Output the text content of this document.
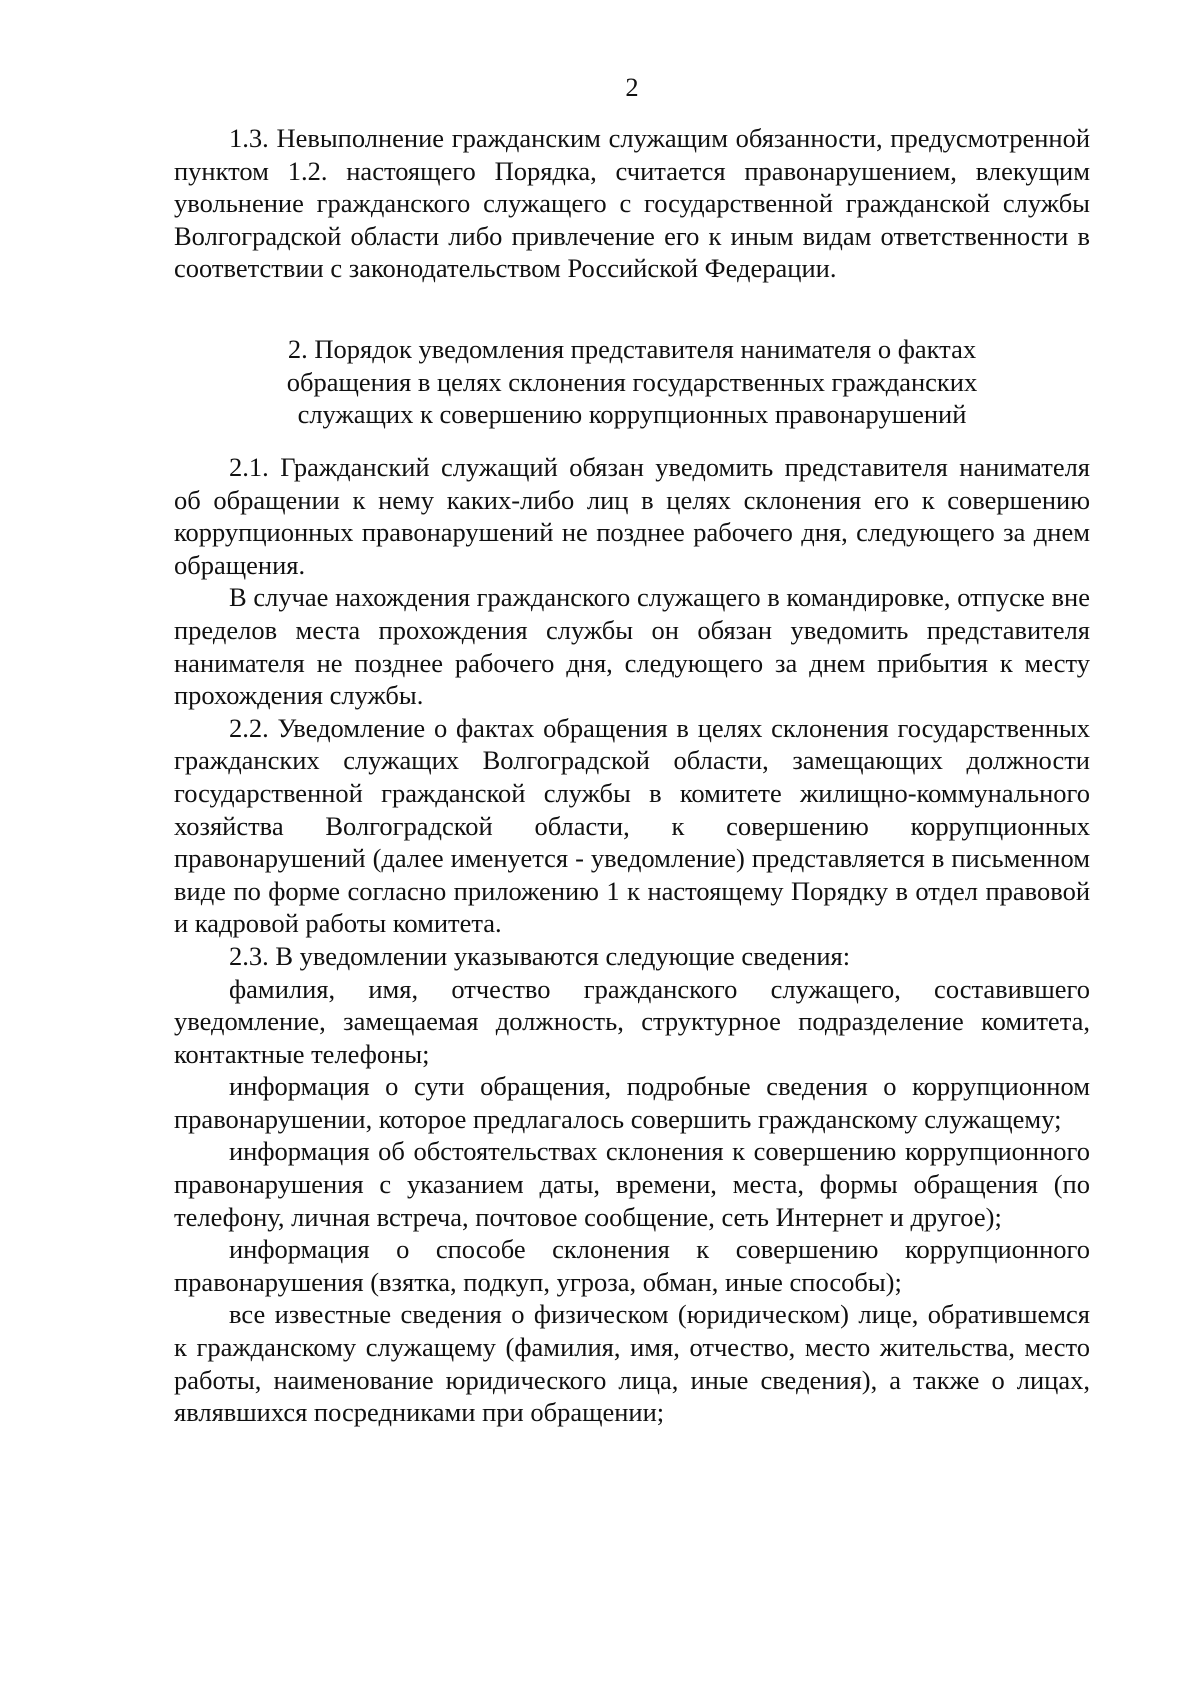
2

1.3. Невыполнение гражданским служащим обязанности, предусмотренной пунктом 1.2. настоящего Порядка, считается правонарушением, влекущим увольнение гражданского служащего с государственной гражданской службы Волгоградской области либо привлечение его к иным видам ответственности в соответствии с законодательством Российской Федерации.

2. Порядок уведомления представителя нанимателя о фактах
обращения в целях склонения государственных гражданских
служащих к совершению коррупционных правонарушений

2.1. Гражданский служащий обязан уведомить представителя нанимателя об обращении к нему каких-либо лиц в целях склонения его к совершению коррупционных правонарушений не позднее рабочего дня, следующего за днем обращения.

В случае нахождения гражданского служащего в командировке, отпуске вне пределов места прохождения службы он обязан уведомить представителя нанимателя не позднее рабочего дня, следующего за днем прибытия к месту прохождения службы.

2.2. Уведомление о фактах обращения в целях склонения государственных гражданских служащих Волгоградской области, замещающих должности государственной гражданской службы в комитете жилищно-коммунального хозяйства Волгоградской области, к совершению коррупционных правонарушений (далее именуется - уведомление) представляется в письменном виде по форме согласно приложению 1 к настоящему Порядку в отдел правовой и кадровой работы комитета.

2.3. В уведомлении указываются следующие сведения:

фамилия, имя, отчество гражданского служащего, составившего уведомление, замещаемая должность, структурное подразделение комитета, контактные телефоны;

информация о сути обращения, подробные сведения о коррупционном правонарушении, которое предлагалось совершить гражданскому служащему;

информация об обстоятельствах склонения к совершению коррупционного правонарушения с указанием даты, времени, места, формы обращения (по телефону, личная встреча, почтовое сообщение, сеть Интернет и другое);

информация о способе склонения к совершению коррупционного правонарушения (взятка, подкуп, угроза, обман, иные способы);

все известные сведения о физическом (юридическом) лице, обратившемся к гражданскому служащему (фамилия, имя, отчество, место жительства, место работы, наименование юридического лица, иные сведения), а также о лицах, являвшихся посредниками при обращении;
